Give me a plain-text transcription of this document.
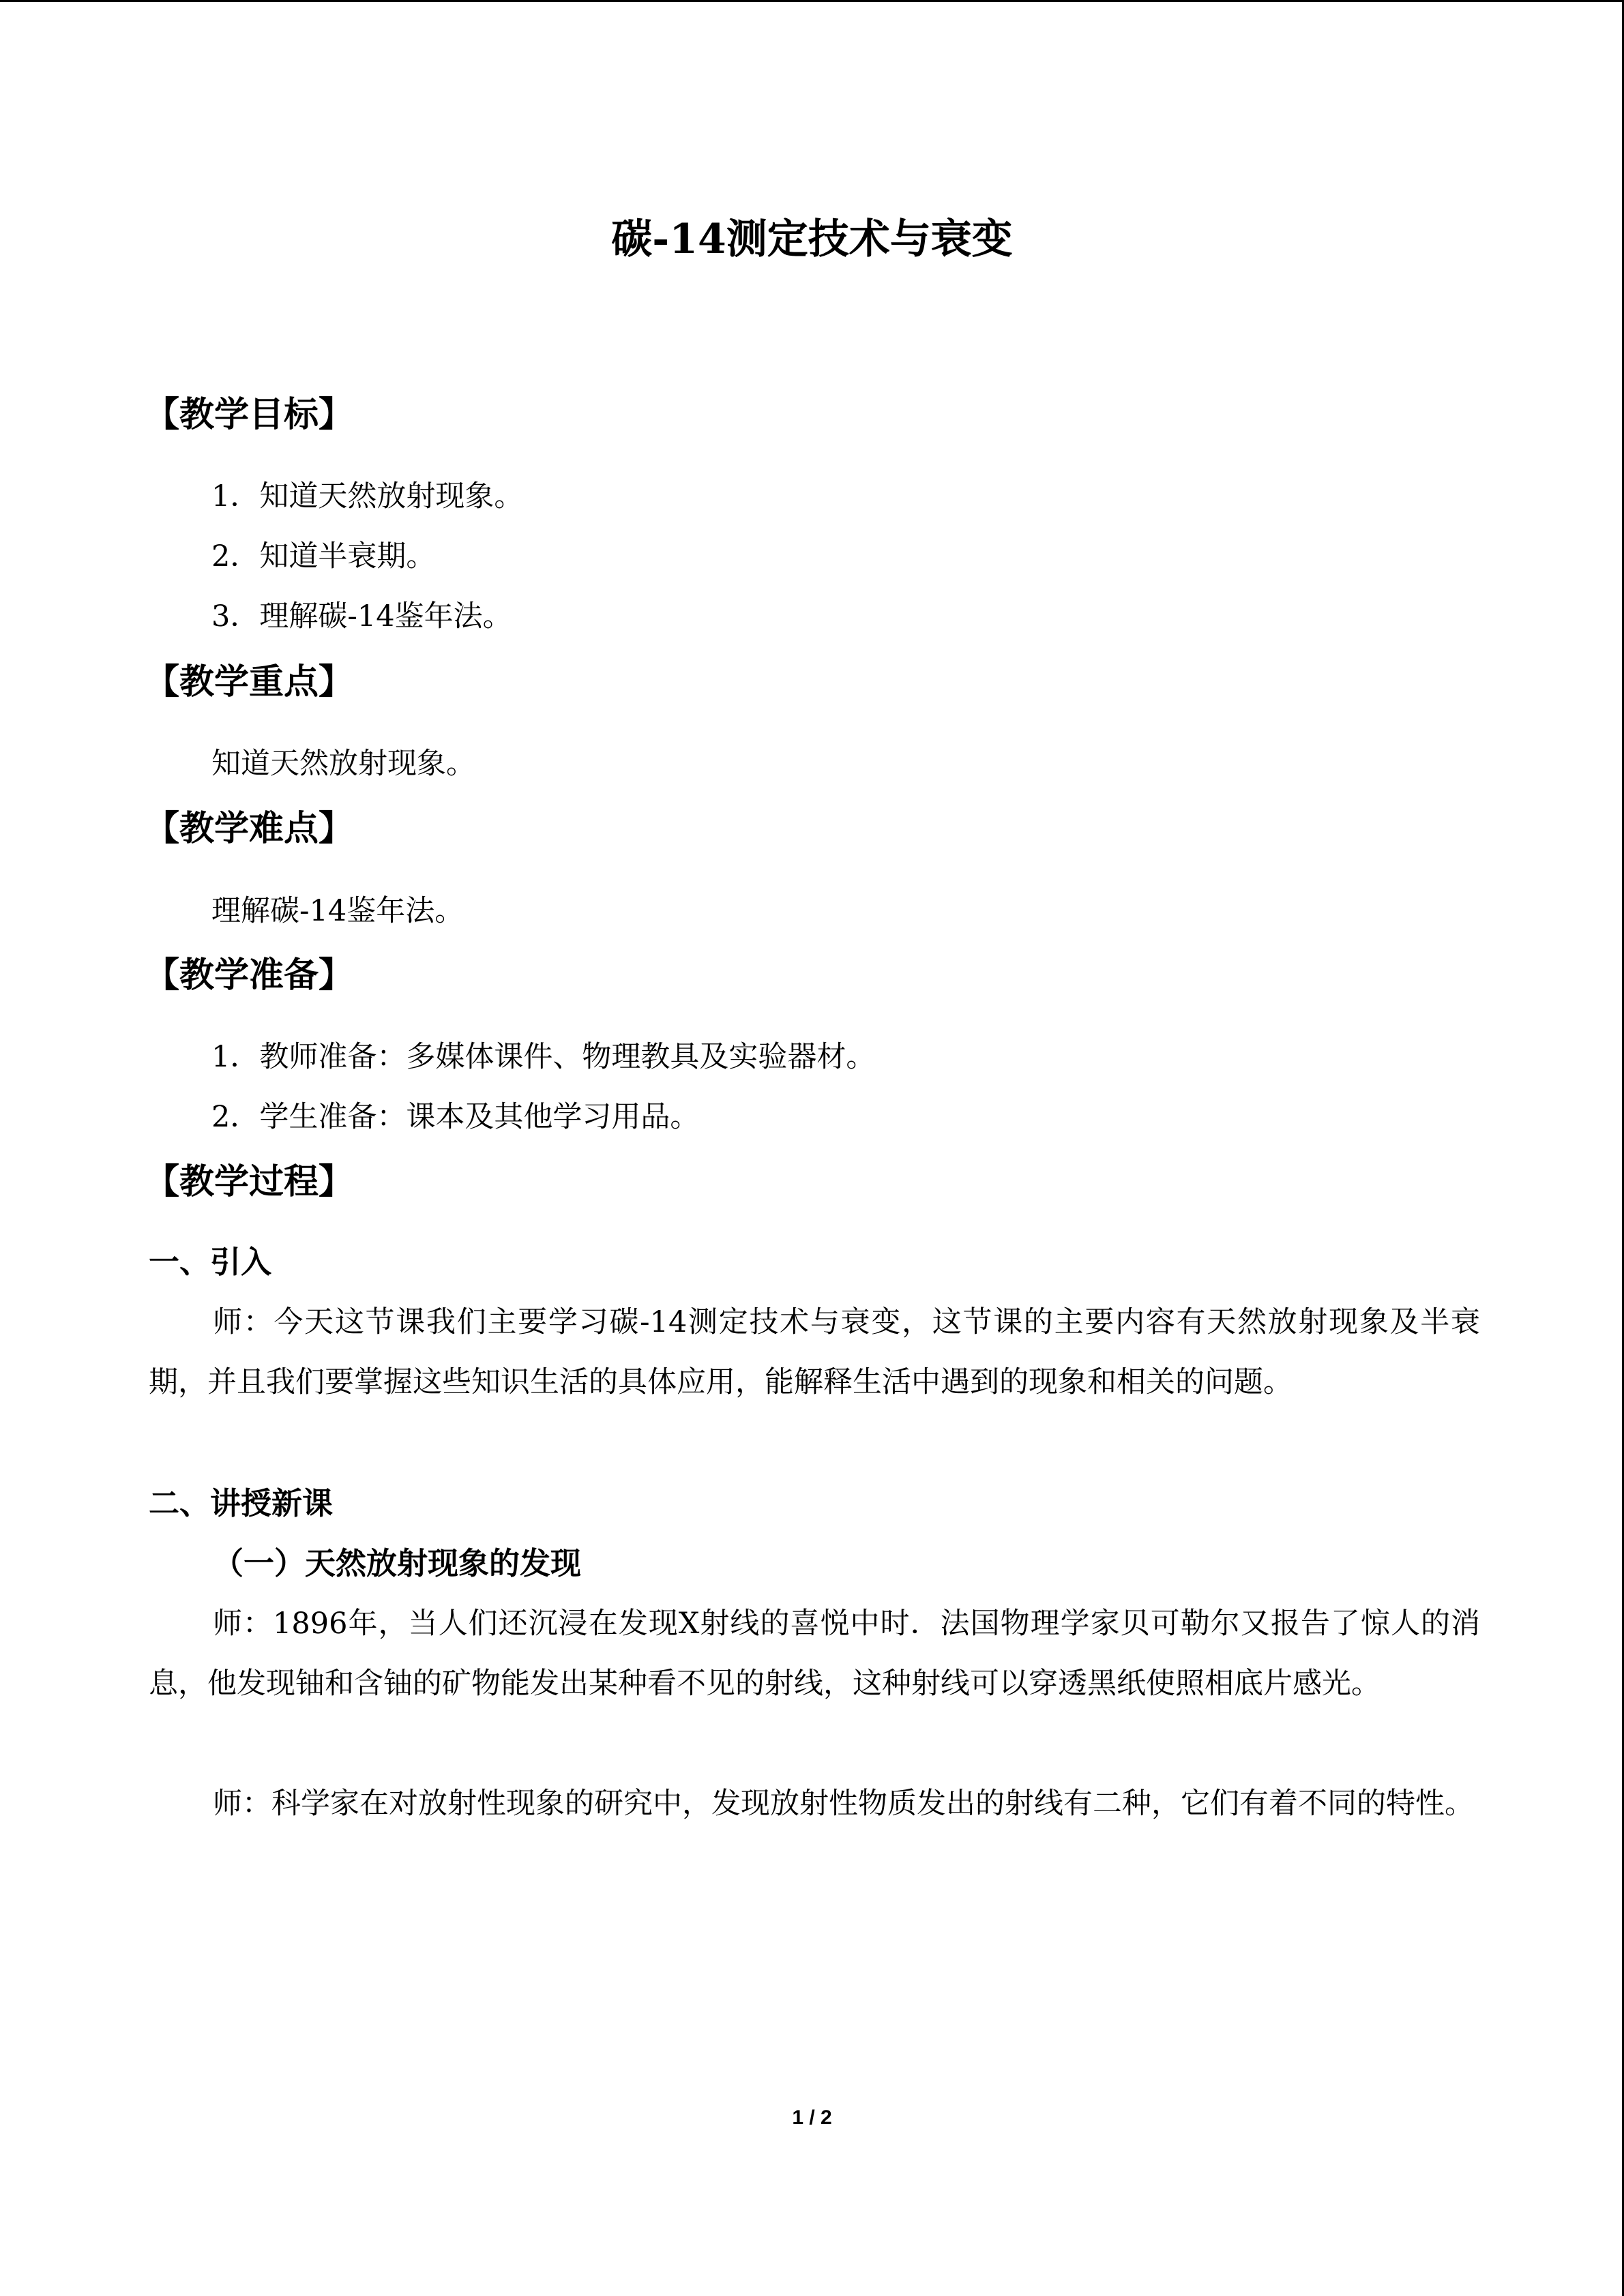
碳-14测定技术与衰变
【教学目标】
1．知道天然放射现象。
2．知道半衰期。
3．理解碳-14鉴年法。
【教学重点】
知道天然放射现象。
【教学难点】
理解碳-14鉴年法。
【教学准备】
1．教师准备：多媒体课件、物理教具及实验器材。
2．学生准备：课本及其他学习用品。
【教学过程】
一、引入
师：今天这节课我们主要学习碳-14测定技术与衰变，这节课的主要内容有天然放射现象及半衰期，并且我们要掌握这些知识生活的具体应用，能解释生活中遇到的现象和相关的问题。
二、讲授新课
（一）天然放射现象的发现
师：1896年，当人们还沉浸在发现X射线的喜悦中时．法国物理学家贝可勒尔又报告了惊人的消息，他发现铀和含铀的矿物能发出某种看不见的射线，这种射线可以穿透黑纸使照相底片感光。
师：科学家在对放射性现象的研究中，发现放射性物质发出的射线有二种，它们有着不同的特性。
1 / 2
